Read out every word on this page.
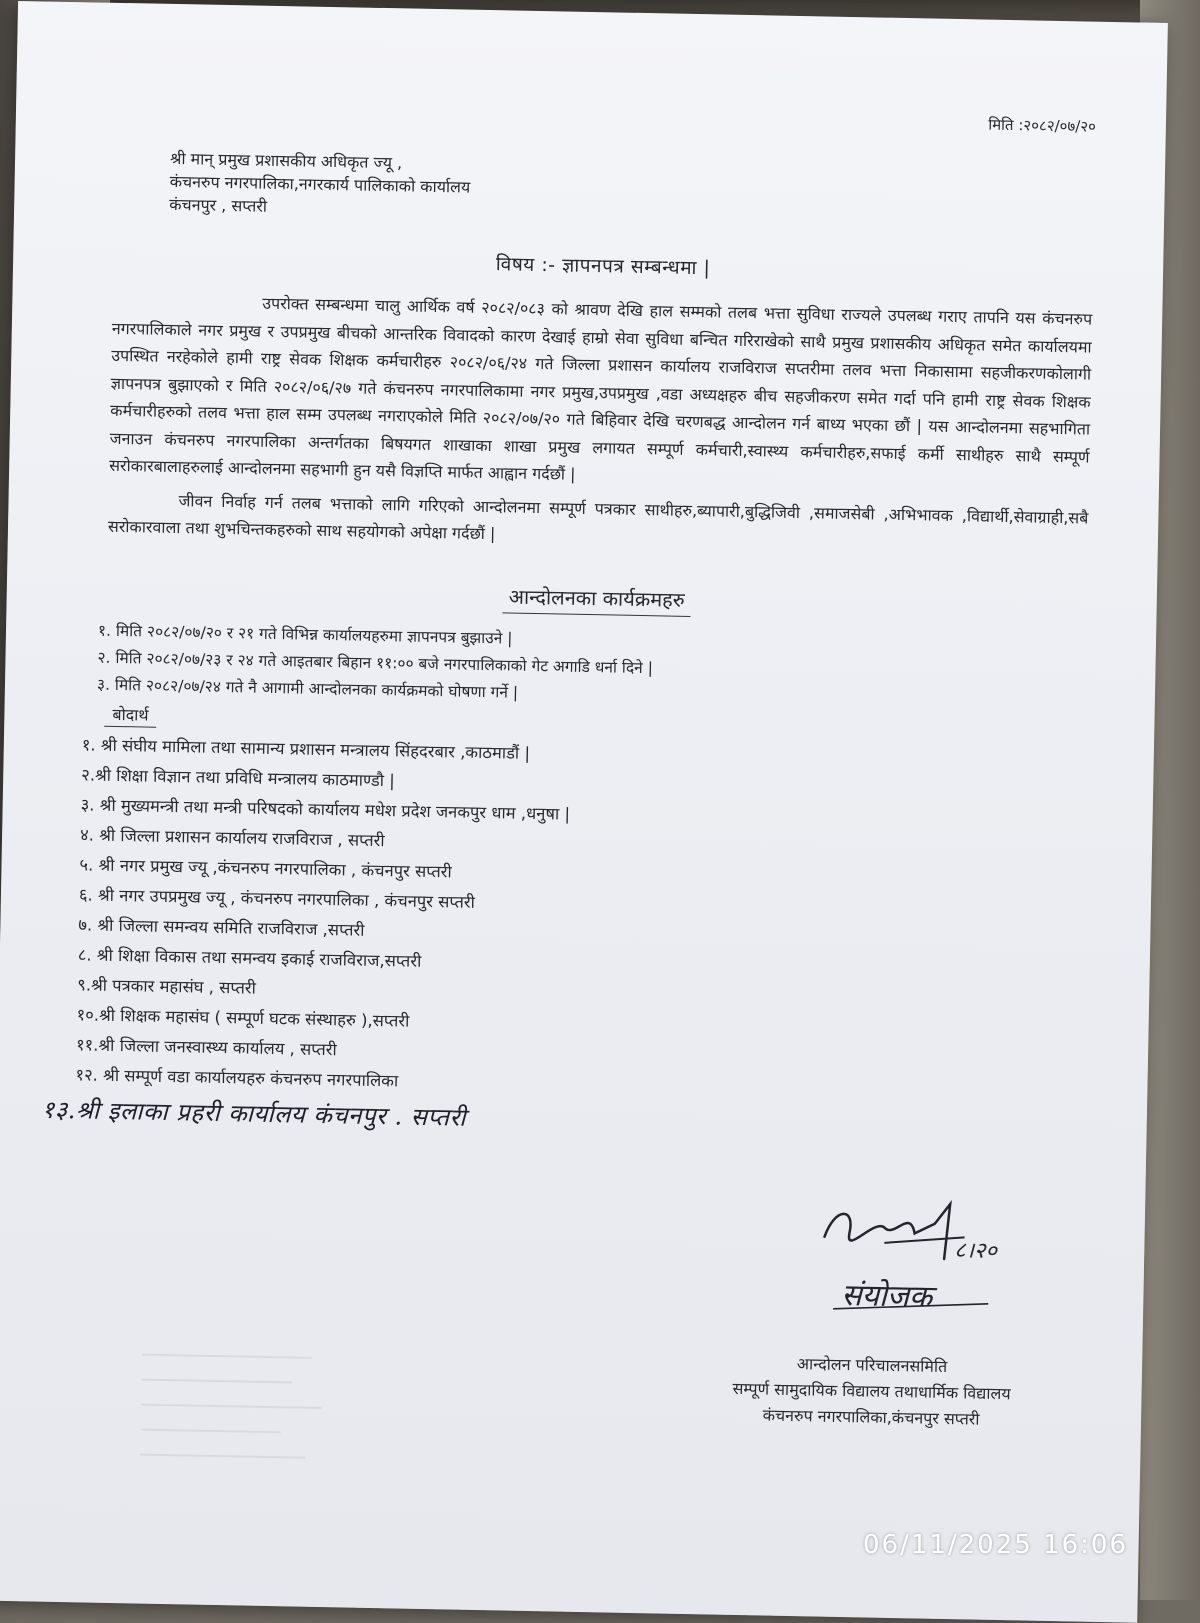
मिति :२०८२/०७/२०
श्री मान् प्रमुख प्रशासकीय अधिकृत ज्यू ,
कंचनरुप नगरपालिका,नगरकार्य पालिकाको कार्यालय
कंचनपुर , सप्तरी
विषय :- ज्ञापनपत्र सम्बन्धमा |

उपरोक्त सम्बन्धमा चालु आर्थिक वर्ष २०८२/०८३ को श्रावण देखि हाल सम्मको तलब भत्ता सुविधा राज्यले उपलब्ध गराए तापनि यस कंचनरुप नगरपालिकाले नगर प्रमुख र उपप्रमुख बीचको आन्तरिक विवादको कारण देखाई हाम्रो सेवा सुविधा बन्चित गरिराखेको साथै प्रमुख प्रशासकीय अधिकृत समेत कार्यालयमा उपस्थित नरहेकोले हामी राष्ट्र सेवक शिक्षक कर्मचारीहरु २०८२/०६/२४ गते जिल्ला प्रशासन कार्यालय राजविराज सप्तरीमा तलव भत्ता निकासामा सहजीकरणकोलागी ज्ञापनपत्र बुझाएको र मिति २०८२/०६/२७ गते कंचनरुप नगरपालिकामा नगर प्रमुख,उपप्रमुख ,वडा अध्यक्षहरु बीच सहजीकरण समेत गर्दा पनि हामी राष्ट्र सेवक शिक्षक कर्मचारीहरुको तलव भत्ता हाल सम्म उपलब्ध नगराएकोले मिति २०८२/०७/२० गते बिहिवार देखि चरणबद्ध आन्दोलन गर्न बाध्य भएका छौं | यस आन्दोलनमा सहभागिता जनाउन कंचनरुप नगरपालिका अन्तर्गतका बिषयगत शाखाका शाखा प्रमुख लगायत सम्पूर्ण कर्मचारी,स्वास्थ्य कर्मचारीहरु,सफाई कर्मी साथीहरु साथै सम्पूर्ण सरोकारबालाहरुलाई आन्दोलनमा सहभागी हुन यसै विज्ञप्ति मार्फत आह्वान गर्दछौं |

जीवन निर्वाह गर्न तलब भत्ताको लागि गरिएको आन्दोलनमा सम्पूर्ण पत्रकार साथीहरु,ब्यापारी,बुद्धिजिवी ,समाजसेबी ,अभिभावक ,विद्यार्थी,सेवाग्राही,सबै सरोकारवाला तथा शुभचिन्तकहरुको साथ सहयोगको अपेक्षा गर्दछौं |

आन्दोलनका कार्यक्रमहरु
१. मिति २०८२/०७/२० र २१ गते विभिन्न कार्यालयहरुमा ज्ञापनपत्र बुझाउने |
२. मिति २०८२/०७/२३ र २४ गते आइतबार बिहान ११:०० बजे नगरपालिकाको गेट अगाडि धर्ना दिने |
३. मिति २०८२/०७/२४ गते नै आगामी आन्दोलनका कार्यक्रमको घोषणा गर्ने |
बोदार्थ
१. श्री संघीय मामिला तथा सामान्य प्रशासन मन्त्रालय सिंहदरबार ,काठमाडौं |
२.श्री शिक्षा विज्ञान तथा प्रविधि मन्त्रालय काठमाण्डौ |
३. श्री मुख्यमन्त्री तथा मन्त्री परिषदको कार्यालय मधेश प्रदेश जनकपुर धाम ,धनुषा |
४. श्री जिल्ला प्रशासन कार्यालय राजविराज , सप्तरी
५. श्री नगर प्रमुख ज्यू ,कंचनरुप नगरपालिका , कंचनपुर सप्तरी
६. श्री नगर उपप्रमुख ज्यू , कंचनरुप नगरपालिका , कंचनपुर सप्तरी
७. श्री जिल्ला समन्वय समिति राजविराज ,सप्तरी
८. श्री शिक्षा विकास तथा समन्वय इकाई राजविराज,सप्तरी
९.श्री पत्रकार महासंघ , सप्तरी
१०.श्री शिक्षक महासंघ ( सम्पूर्ण घटक संस्थाहरु ),सप्तरी
११.श्री जिल्ला जनस्वास्थ्य कार्यालय , सप्तरी
१२. श्री सम्पूर्ण वडा कार्यालयहरु कंचनरुप नगरपालिका
१३.श्री इलाका प्रहरी कार्यालय कंचनपुर . सप्तरी
८।२०
संयोजक
आन्दोलन परिचालनसमिति
सम्पूर्ण सामुदायिक विद्यालय तथाधार्मिक विद्यालय
कंचनरुप नगरपालिका,कंचनपुर सप्तरी
06/11/2025 16:06
